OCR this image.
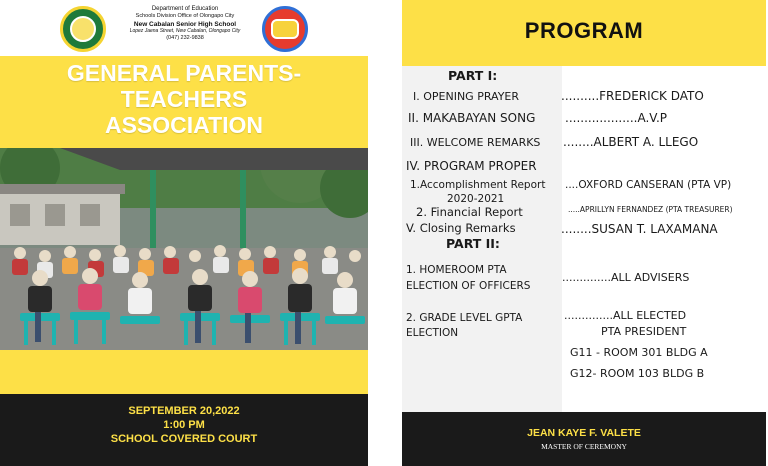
Department of Education
Schools Division Office of Olongapo City
New Cabalan Senior High School
Lopez Jaena Street, New Cabalan, Olongapo City
(047) 232-9838
GENERAL PARENTS-
TEACHERS
ASSOCIATION
SEPTEMBER 20,2022
1:00 PM
SCHOOL COVERED COURT
PROGRAM
PART I:
I. OPENING PRAYER	..........FREDERICK DATO
II. MAKABAYAN SONG ...................A.V.P
III. WELCOME REMARKS ........ALBERT A. LLEGO
IV. PROGRAM PROPER
1.Accomplishment Report ....OXFORD CANSERAN (PTA VP)
2020-2021
2. Financial Report	.....APRILLYN FERNANDEZ (PTA TREASURER)
V. Closing Remarks	........SUSAN T. LAXAMANA
PART II:
1. HOMEROOM PTA
ELECTION OF OFFICERS
..............ALL ADVISERS
2. GRADE LEVEL GPTA
ELECTION
..............ALL ELECTED
PTA PRESIDENT
G11 - ROOM 301 BLDG A
G12- ROOM 103 BLDG B
JEAN KAYE F. VALETE
MASTER OF CEREMONY
